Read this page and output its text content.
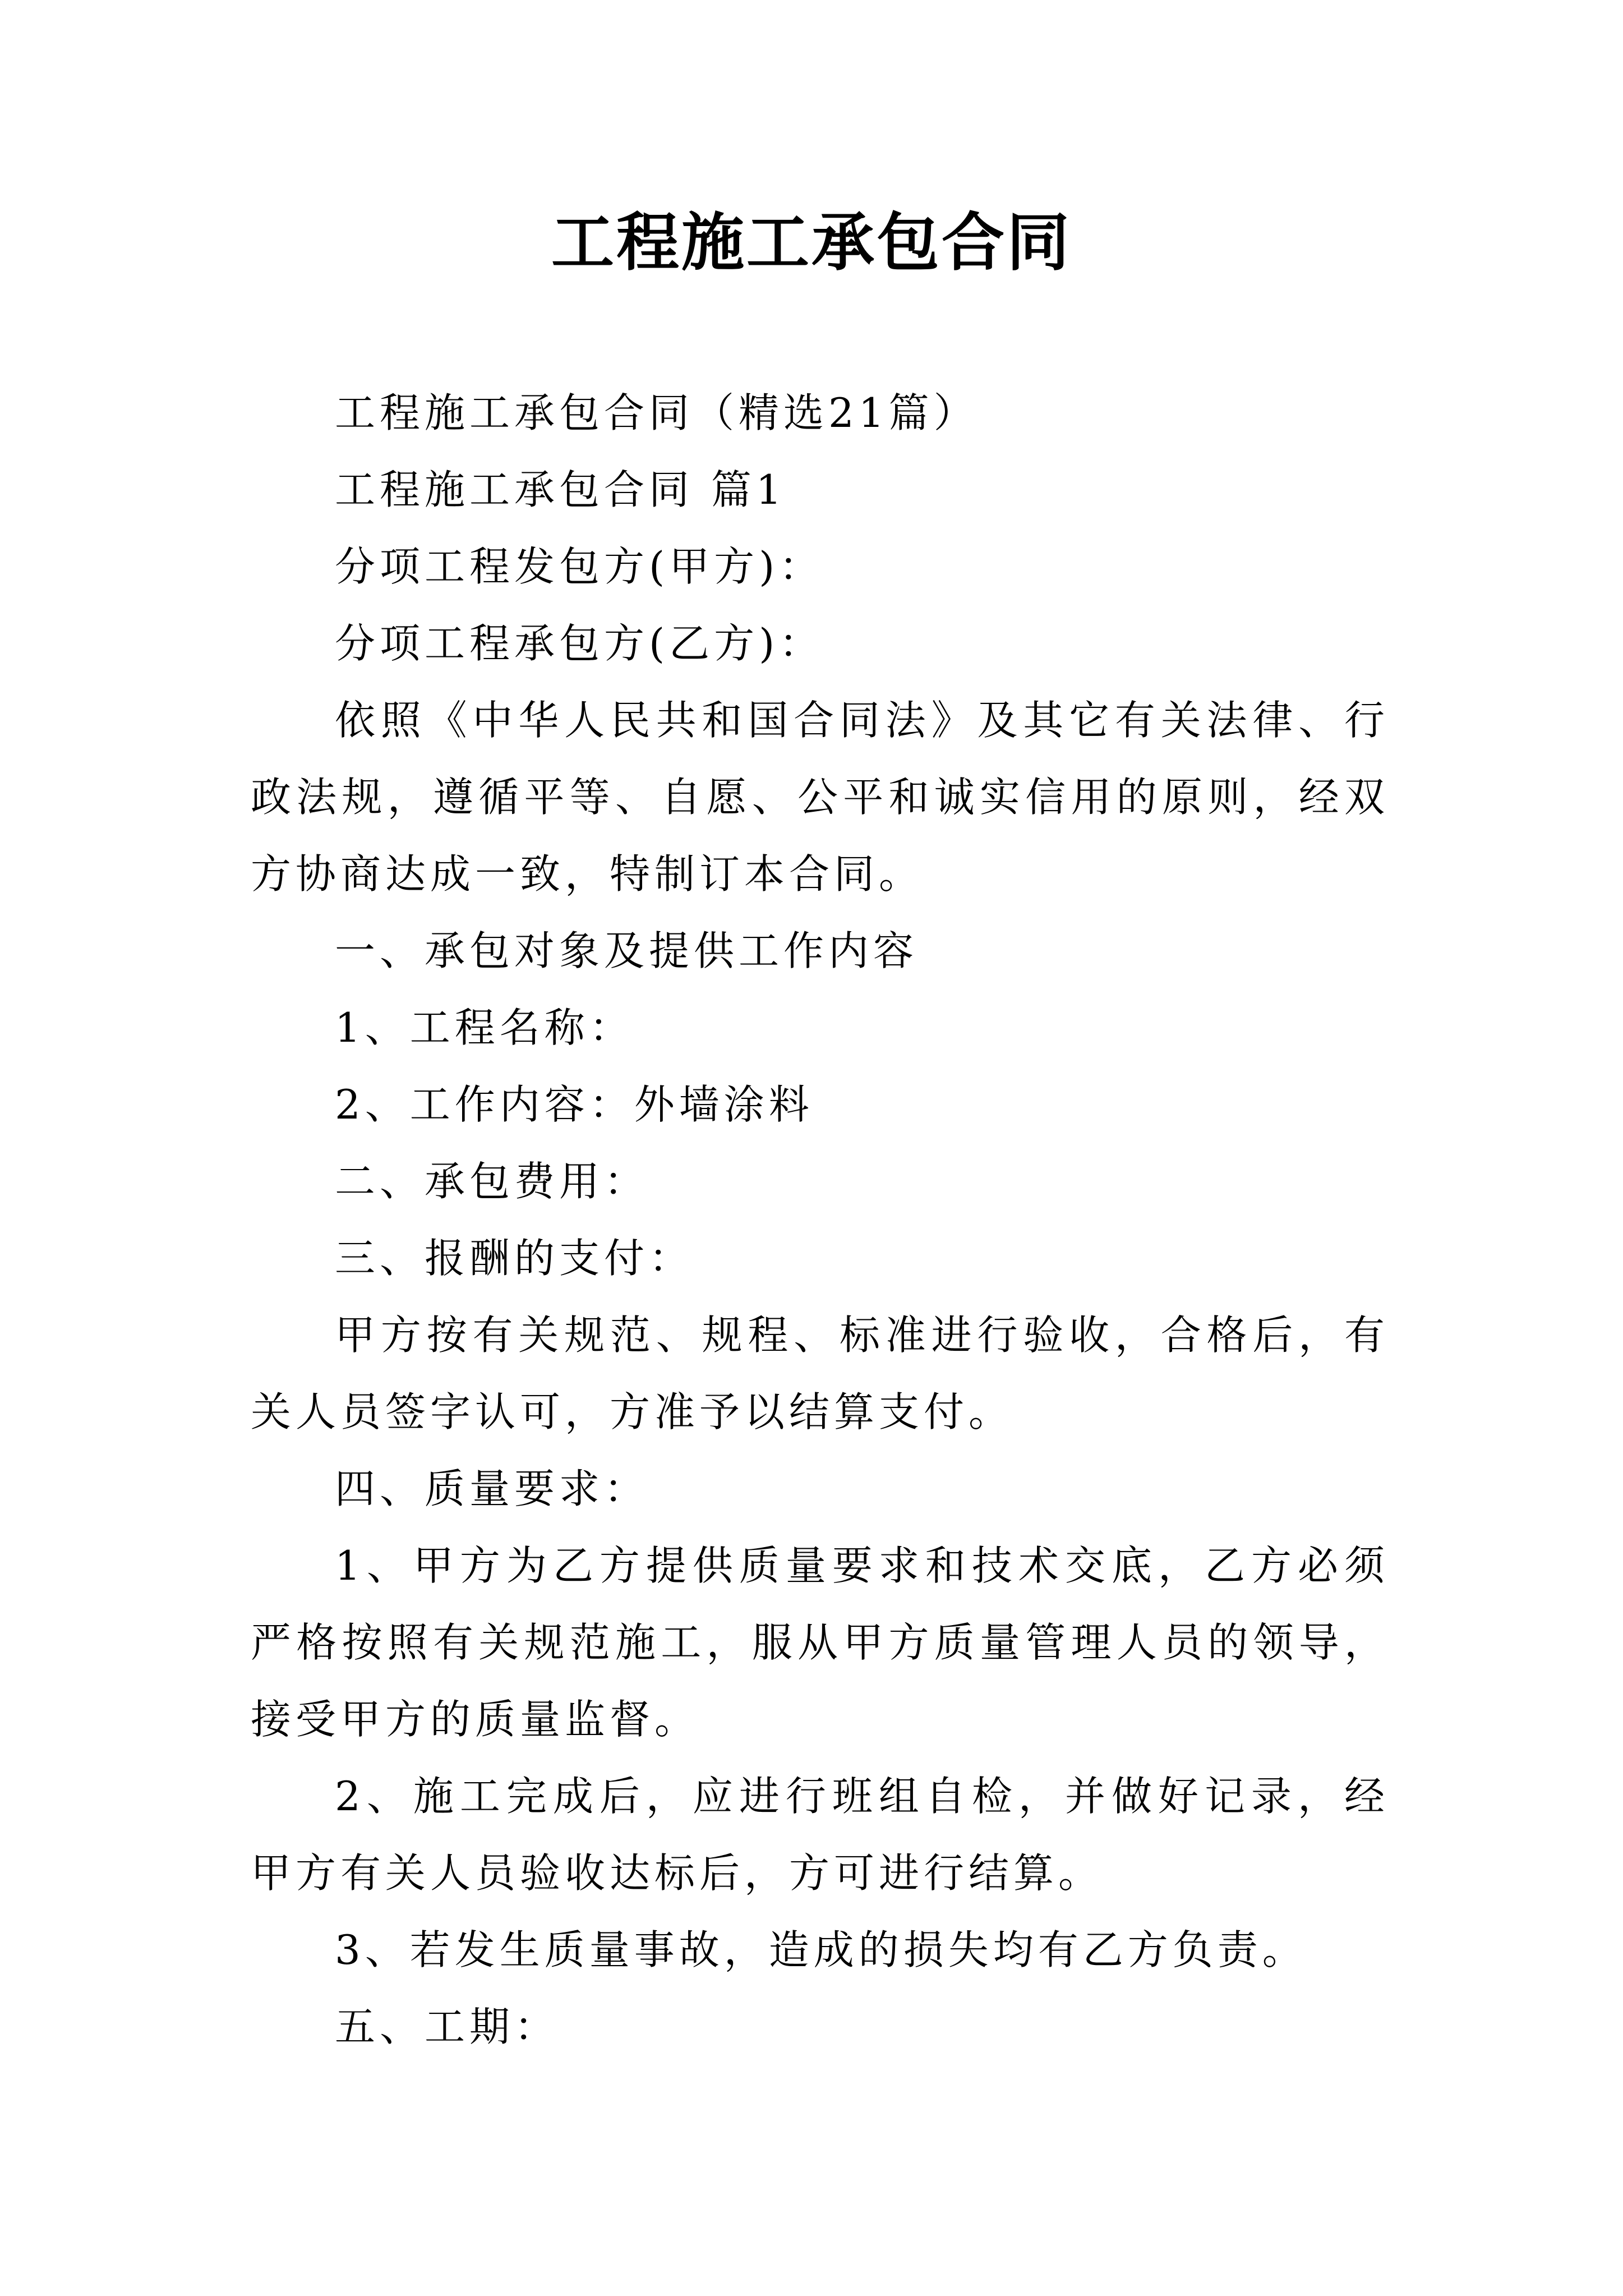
工程施工承包合同

工程施工承包合同（精选21篇）

工程施工承包合同 篇1

分项工程发包方(甲方)：

分项工程承包方(乙方)：

依照《中华人民共和国合同法》及其它有关法律、行政法规，遵循平等、自愿、公平和诚实信用的原则，经双方协商达成一致，特制订本合同。

一、承包对象及提供工作内容

1、工程名称：

2、工作内容：外墙涂料

二、承包费用：

三、报酬的支付：

甲方按有关规范、规程、标准进行验收，合格后，有关人员签字认可，方准予以结算支付。

四、质量要求：

1、甲方为乙方提供质量要求和技术交底，乙方必须严格按照有关规范施工，服从甲方质量管理人员的领导，接受甲方的质量监督。

2、施工完成后，应进行班组自检，并做好记录，经甲方有关人员验收达标后，方可进行结算。

3、若发生质量事故，造成的损失均有乙方负责。

五、工期：
